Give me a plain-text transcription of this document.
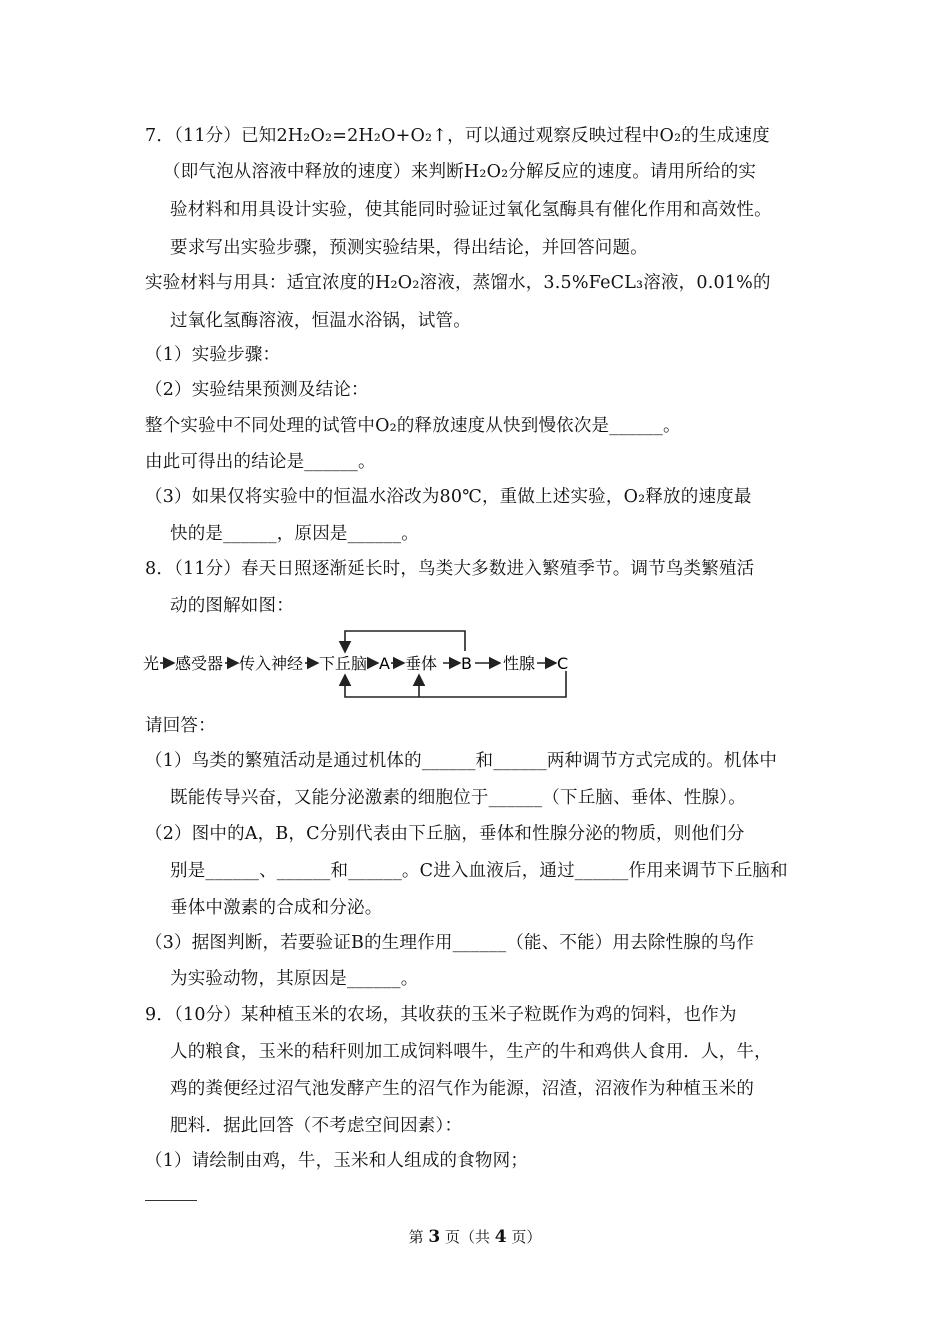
7．（11分）已知2H₂O₂=2H₂O+O₂↑，可以通过观察反映过程中O₂的生成速度
（即气泡从溶液中释放的速度）来判断H₂O₂分解反应的速度。请用所给的实
验材料和用具设计实验，使其能同时验证过氧化氢酶具有催化作用和高效性。
要求写出实验步骤，预测实验结果，得出结论，并回答问题。
实验材料与用具：适宜浓度的H₂O₂溶液，蒸馏水，3.5%FeCL₃溶液，0.01%的
过氧化氢酶溶液，恒温水浴锅，试管。
（1）实验步骤：
（2）实验结果预测及结论：
整个实验中不同处理的试管中O₂的释放速度从快到慢依次是______。
由此可得出的结论是______。
（3）如果仅将实验中的恒温水浴改为80℃，重做上述实验，O₂释放的速度最
快的是______，原因是______。
8．（11分）春天日照逐渐延长时，鸟类大多数进入繁殖季节。调节鸟类繁殖活
动的图解如图：
光 感受器 传入神经 下丘脑 A 垂体 B 性腺 C
请回答：
（1）鸟类的繁殖活动是通过机体的______和______两种调节方式完成的。机体中
既能传导兴奋，又能分泌激素的细胞位于______（下丘脑、垂体、性腺）。
（2）图中的A，B，C分别代表由下丘脑，垂体和性腺分泌的物质，则他们分
别是______、______和______。C进入血液后，通过______作用来调节下丘脑和
垂体中激素的合成和分泌。
（3）据图判断，若要验证B的生理作用______（能、不能）用去除性腺的鸟作
为实验动物，其原因是______。
9．（10分）某种植玉米的农场，其收获的玉米子粒既作为鸡的饲料，也作为
人的粮食，玉米的秸秆则加工成饲料喂牛，生产的牛和鸡供人食用．人，牛，
鸡的粪便经过沼气池发酵产生的沼气作为能源，沼渣，沼液作为种植玉米的
肥料．据此回答（不考虑空间因素）：
（1）请绘制由鸡，牛，玉米和人组成的食物网；
第 3 页（共 4 页）
